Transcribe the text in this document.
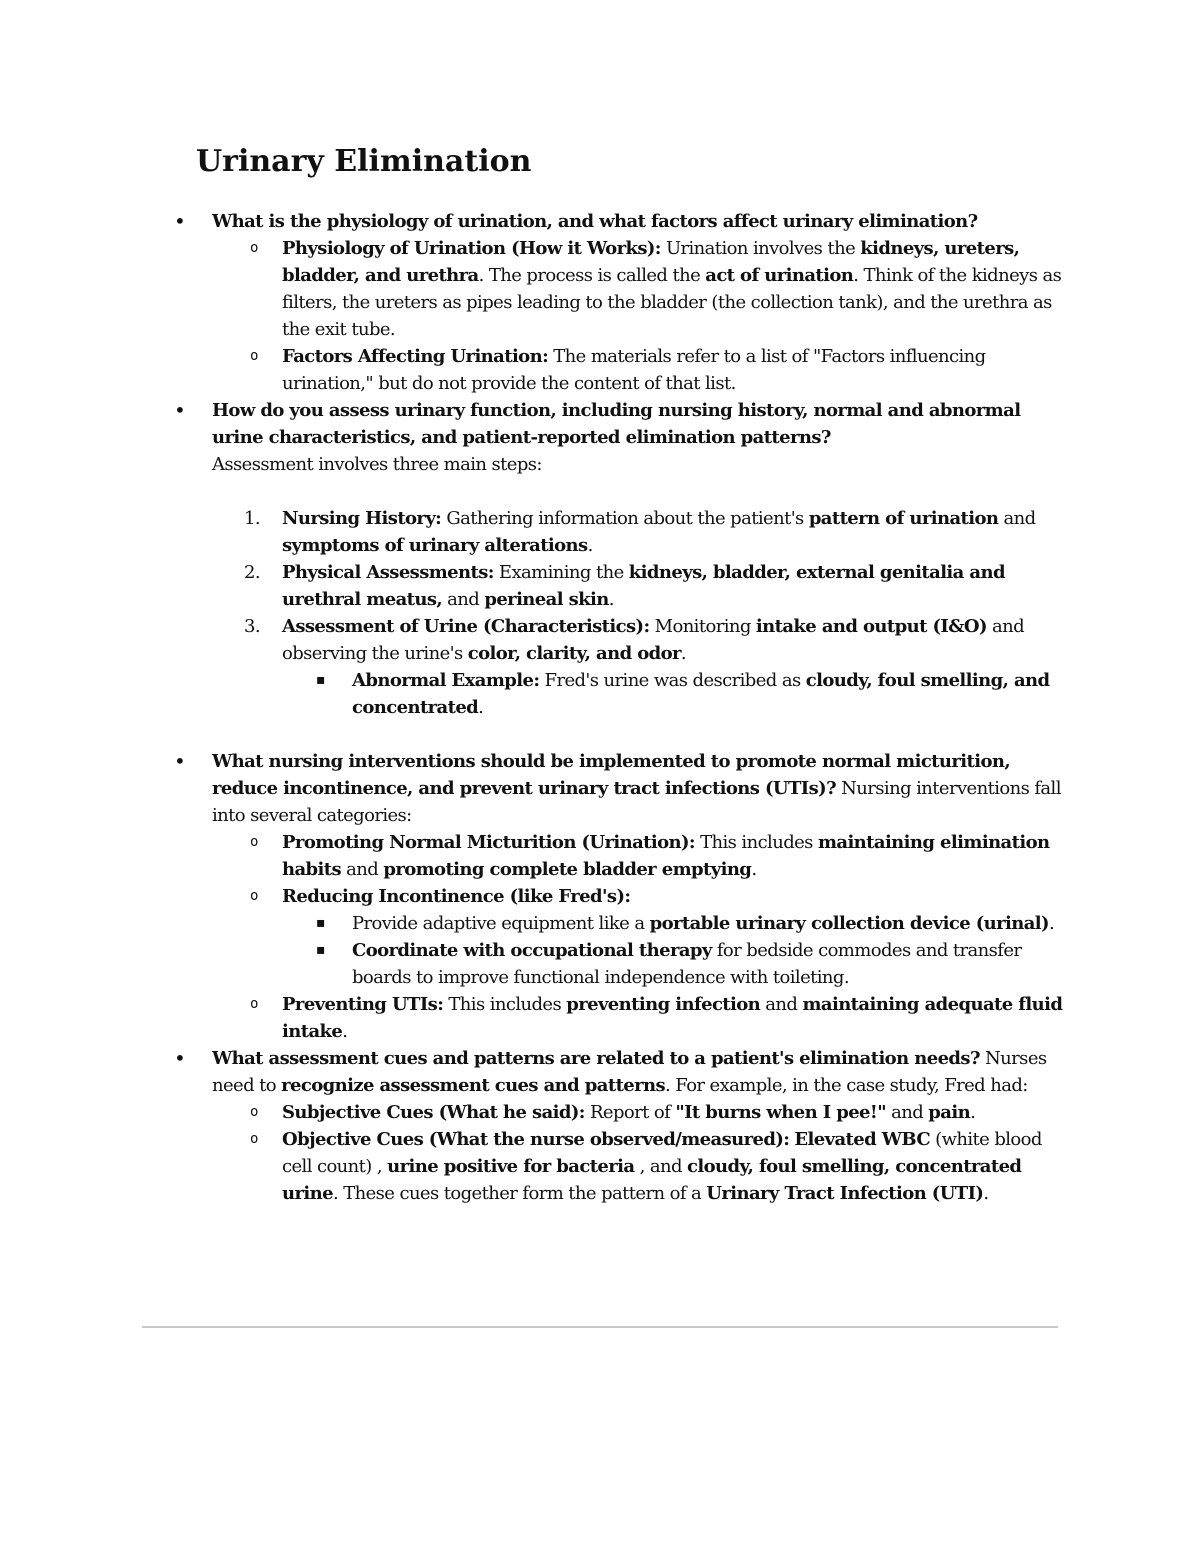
Urinary Elimination
• What is the physiology of urination, and what factors affect urinary elimination?
o Physiology of Urination (How it Works): Urination involves the kidneys, ureters, bladder, and urethra. The process is called the act of urination. Think of the kidneys as filters, the ureters as pipes leading to the bladder (the collection tank), and the urethra as the exit tube.
o Factors Affecting Urination: The materials refer to a list of "Factors influencing urination," but do not provide the content of that list.
• How do you assess urinary function, including nursing history, normal and abnormal urine characteristics, and patient-reported elimination patterns?
Assessment involves three main steps:
1. Nursing History: Gathering information about the patient's pattern of urination and symptoms of urinary alterations.
2. Physical Assessments: Examining the kidneys, bladder, external genitalia and urethral meatus, and perineal skin.
3. Assessment of Urine (Characteristics): Monitoring intake and output (I&O) and observing the urine's color, clarity, and odor.
▪ Abnormal Example: Fred's urine was described as cloudy, foul smelling, and concentrated.
• What nursing interventions should be implemented to promote normal micturition, reduce incontinence, and prevent urinary tract infections (UTIs)? Nursing interventions fall into several categories:
o Promoting Normal Micturition (Urination): This includes maintaining elimination habits and promoting complete bladder emptying.
o Reducing Incontinence (like Fred's):
▪ Provide adaptive equipment like a portable urinary collection device (urinal).
▪ Coordinate with occupational therapy for bedside commodes and transfer boards to improve functional independence with toileting.
o Preventing UTIs: This includes preventing infection and maintaining adequate fluid intake.
• What assessment cues and patterns are related to a patient's elimination needs? Nurses need to recognize assessment cues and patterns. For example, in the case study, Fred had:
o Subjective Cues (What he said): Report of "It burns when I pee!" and pain.
o Objective Cues (What the nurse observed/measured): Elevated WBC (white blood cell count) , urine positive for bacteria , and cloudy, foul smelling, concentrated urine. These cues together form the pattern of a Urinary Tract Infection (UTI).
